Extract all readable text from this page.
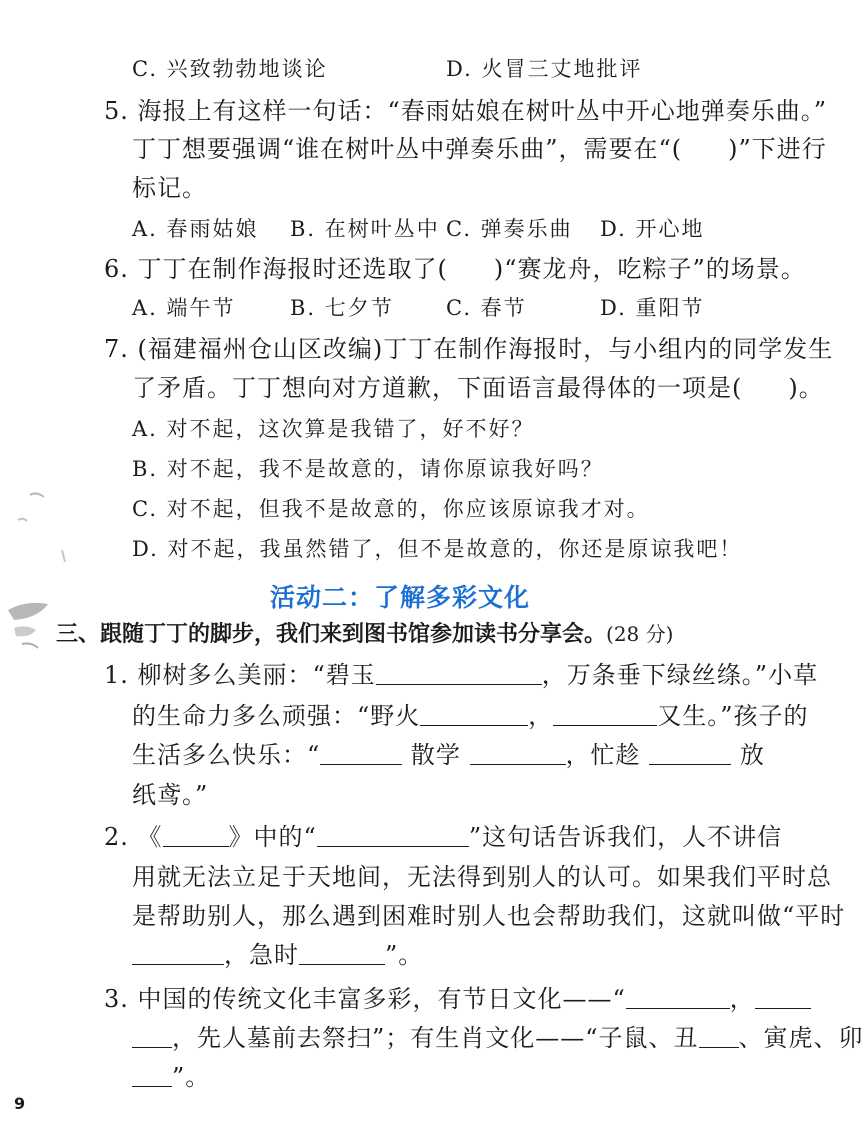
C. 兴致勃勃地谈论	D. 火冒三丈地批评
5. 海报上有这样一句话：“春雨姑娘在树叶丛中开心地弹奏乐曲。”
丁丁想要强调“谁在树叶丛中弹奏乐曲”，需要在“( )”下进行
标记。
A. 春雨姑娘 B. 在树叶丛中 C. 弹奏乐曲 D. 开心地
6. 丁丁在制作海报时还选取了( )“赛龙舟，吃粽子”的场景。
A. 端午节	B. 七夕节 C. 春节	D. 重阳节
7. (福建福州仓山区改编)丁丁在制作海报时，与小组内的同学发生
了矛盾。丁丁想向对方道歉，下面语言最得体的一项是( )。
A. 对不起，这次算是我错了，好不好？
B. 对不起，我不是故意的，请你原谅我好吗？
C. 对不起，但我不是故意的，你应该原谅我才对。
D. 对不起，我虽然错了，但不是故意的，你还是原谅我吧！
活动二：了解多彩文化
三、跟随丁丁的脚步，我们来到图书馆参加读书分享会。(28 分)
1. 柳树多么美丽：“碧玉	，万条垂下绿丝绦。”小草
的生命力多么顽强：“野火	，	又生。”孩子的
生活多么快乐：“	散学	，忙趁	放
纸鸢。”
2. 《	》中的“	”这句话告诉我们，人不讲信
用就无法立足于天地间，无法得到别人的认可。如果我们平时总
是帮助别人，那么遇到困难时别人也会帮助我们，这就叫做“平时
，急时	”。
3. 中国的传统文化丰富多彩，有节日文化——“	，
，先人墓前去祭扫”；有生肖文化——“子鼠、丑 、寅虎、卯
”。
9
